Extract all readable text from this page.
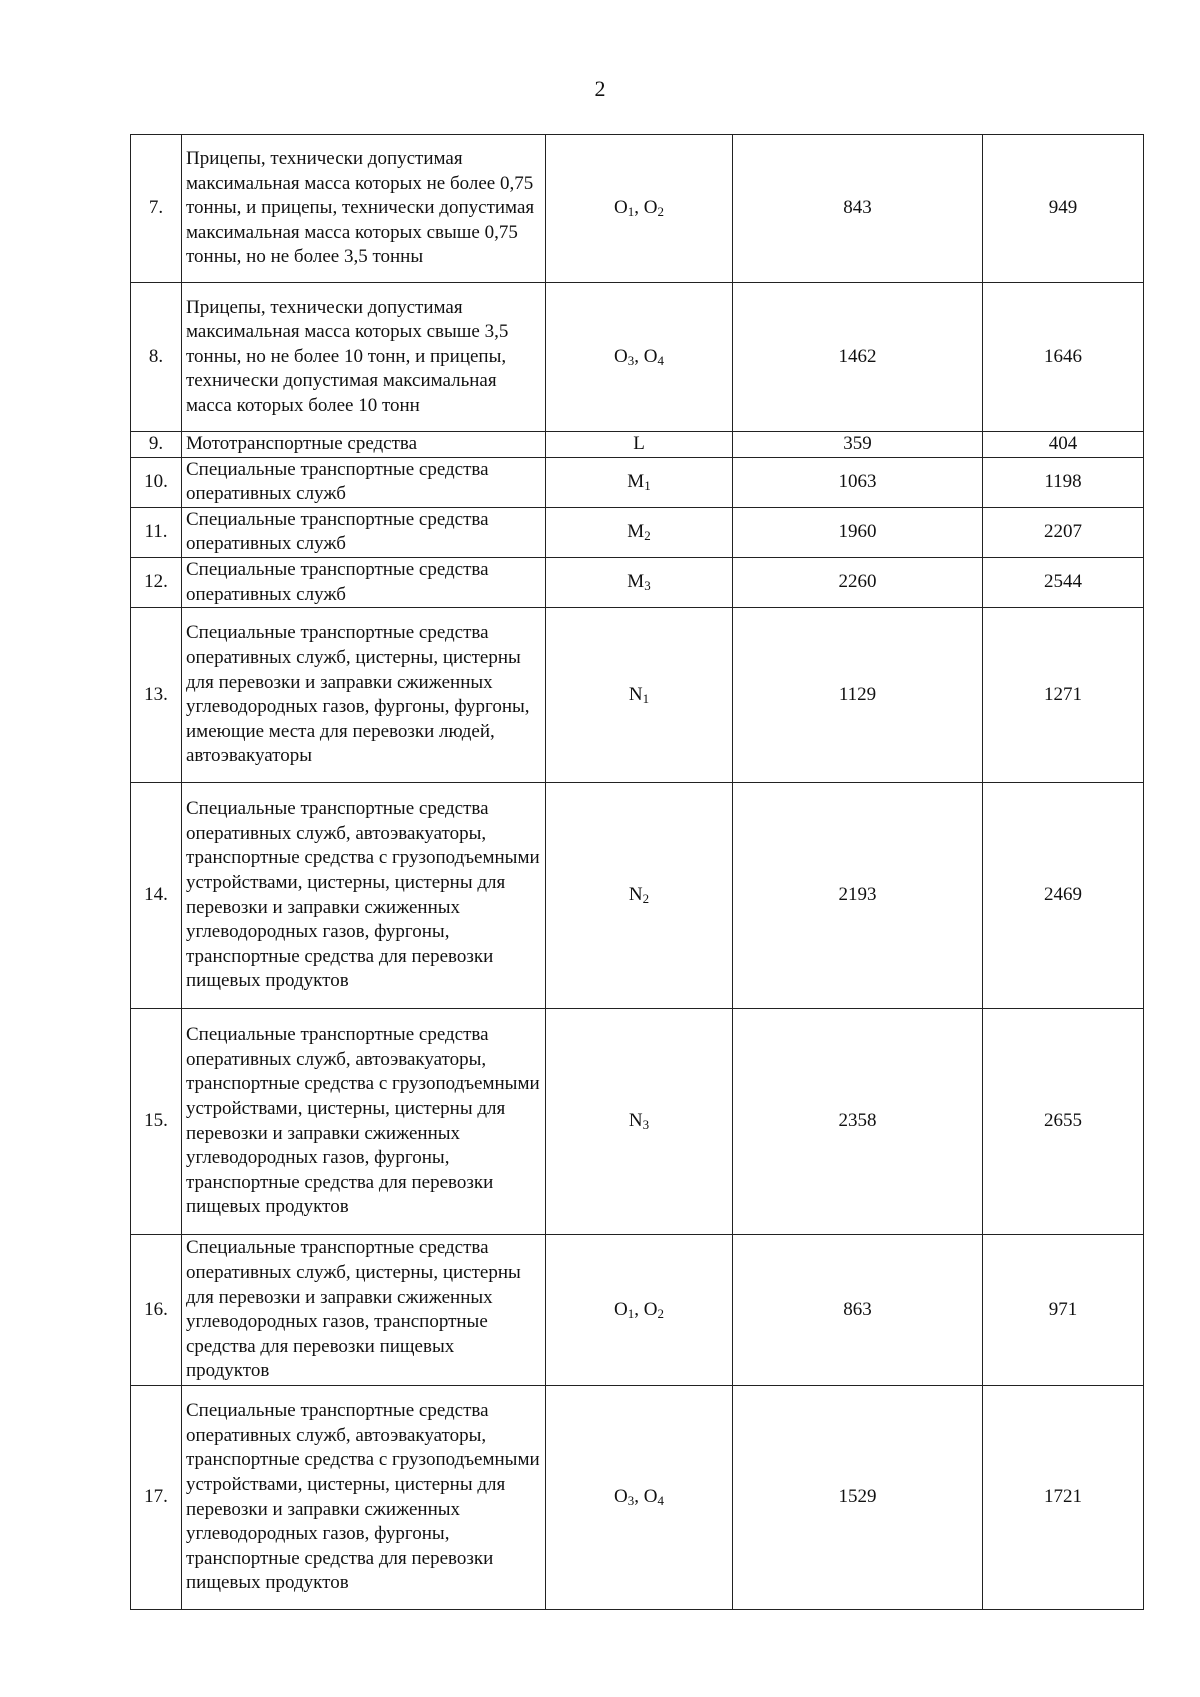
2
7.	Прицепы, технически допустимая максимальная масса которых не более 0,75 тонны, и прицепы, технически допустимая максимальная масса которых свыше 0,75 тонны, но не более 3,5 тонны	$O_1$, $O_2$	843	949
8.	Прицепы, технически допустимая максимальная масса которых свыше 3,5 тонны, но не более 10 тонн, и прицепы, технически допустимая максимальная масса которых более 10 тонн	$O_3$, $O_4$	1462	1646
9.	Мототранспортные средства	L	359	404
10.	Специальные транспортные средства оперативных служб	$M_1$	1063	1198
11.	Специальные транспортные средства оперативных служб	$M_2$	1960	2207
12.	Специальные транспортные средства оперативных служб	$M_3$	2260	2544
13.	Специальные транспортные средства оперативных служб, цистерны, цистерны для перевозки и заправки сжиженных углеводородных газов, фургоны, фургоны, имеющие места для перевозки людей, автоэвакуаторы	$N_1$	1129	1271
14.	Специальные транспортные средства оперативных служб, автоэвакуаторы, транспортные средства с грузоподъемными устройствами, цистерны, цистерны для перевозки и заправки сжиженных углеводородных газов, фургоны, транспортные средства для перевозки пищевых продуктов	$N_2$	2193	2469
15.	Специальные транспортные средства оперативных служб, автоэвакуаторы, транспортные средства с грузоподъемными устройствами, цистерны, цистерны для перевозки и заправки сжиженных углеводородных газов, фургоны, транспортные средства для перевозки пищевых продуктов	$N_3$	2358	2655
16.	Специальные транспортные средства оперативных служб, цистерны, цистерны для перевозки и заправки сжиженных углеводородных газов, транспортные средства для перевозки пищевых продуктов	$O_1$, $O_2$	863	971
17.	Специальные транспортные средства оперативных служб, автоэвакуаторы, транспортные средства с грузоподъемными устройствами, цистерны, цистерны для перевозки и заправки сжиженных углеводородных газов, фургоны, транспортные средства для перевозки пищевых продуктов	$O_3$, $O_4$	1529	1721
